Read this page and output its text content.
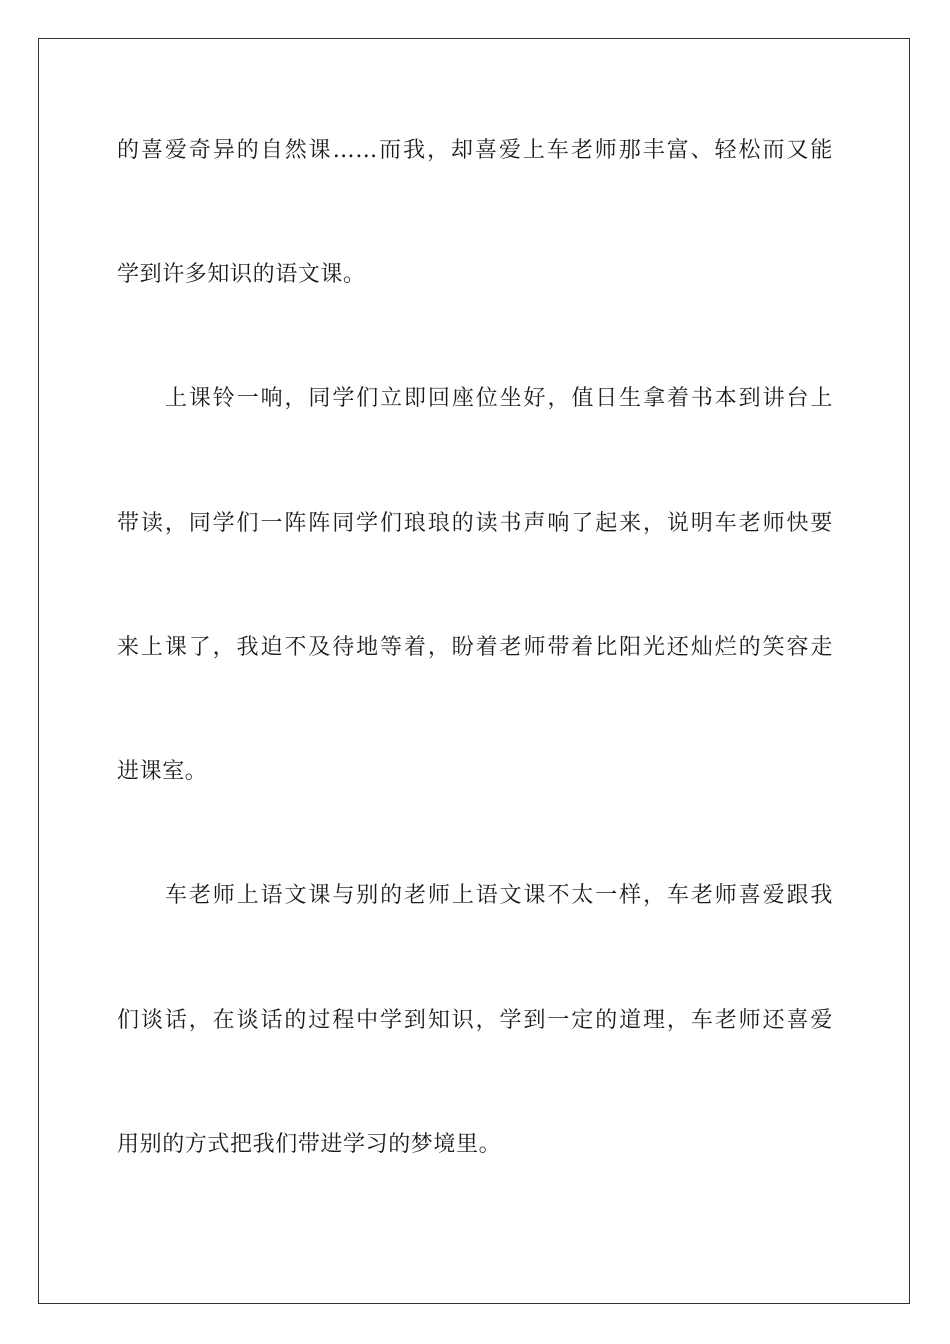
的喜爱奇异的自然课……而我，却喜爱上车老师那丰富、轻松而又能
学到许多知识的语文课。
上课铃一响，同学们立即回座位坐好，值日生拿着书本到讲台上
带读，同学们一阵阵同学们琅琅的读书声响了起来，说明车老师快要
来上课了，我迫不及待地等着，盼着老师带着比阳光还灿烂的笑容走
进课室。
车老师上语文课与别的老师上语文课不太一样，车老师喜爱跟我
们谈话，在谈话的过程中学到知识，学到一定的道理，车老师还喜爱
用别的方式把我们带进学习的梦境里。
